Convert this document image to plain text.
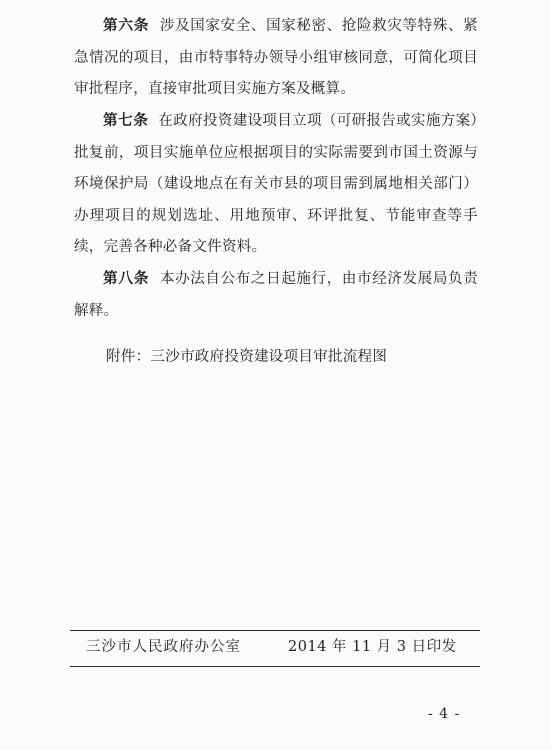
第六条 涉及国家安全、国家秘密、抢险救灾等特殊、紧急情况的项目，由市特事特办领导小组审核同意，可简化项目审批程序，直接审批项目实施方案及概算。
第七条 在政府投资建设项目立项（可研报告或实施方案）批复前，项目实施单位应根据项目的实际需要到市国土资源与环境保护局（建设地点在有关市县的项目需到属地相关部门）办理项目的规划选址、用地预审、环评批复、节能审查等手续，完善各种必备文件资料。
第八条 本办法自公布之日起施行，由市经济发展局负责解释。
附件：三沙市政府投资建设项目审批流程图
三沙市人民政府办公室	2014 年 11 月 3 日印发
- 4 -
